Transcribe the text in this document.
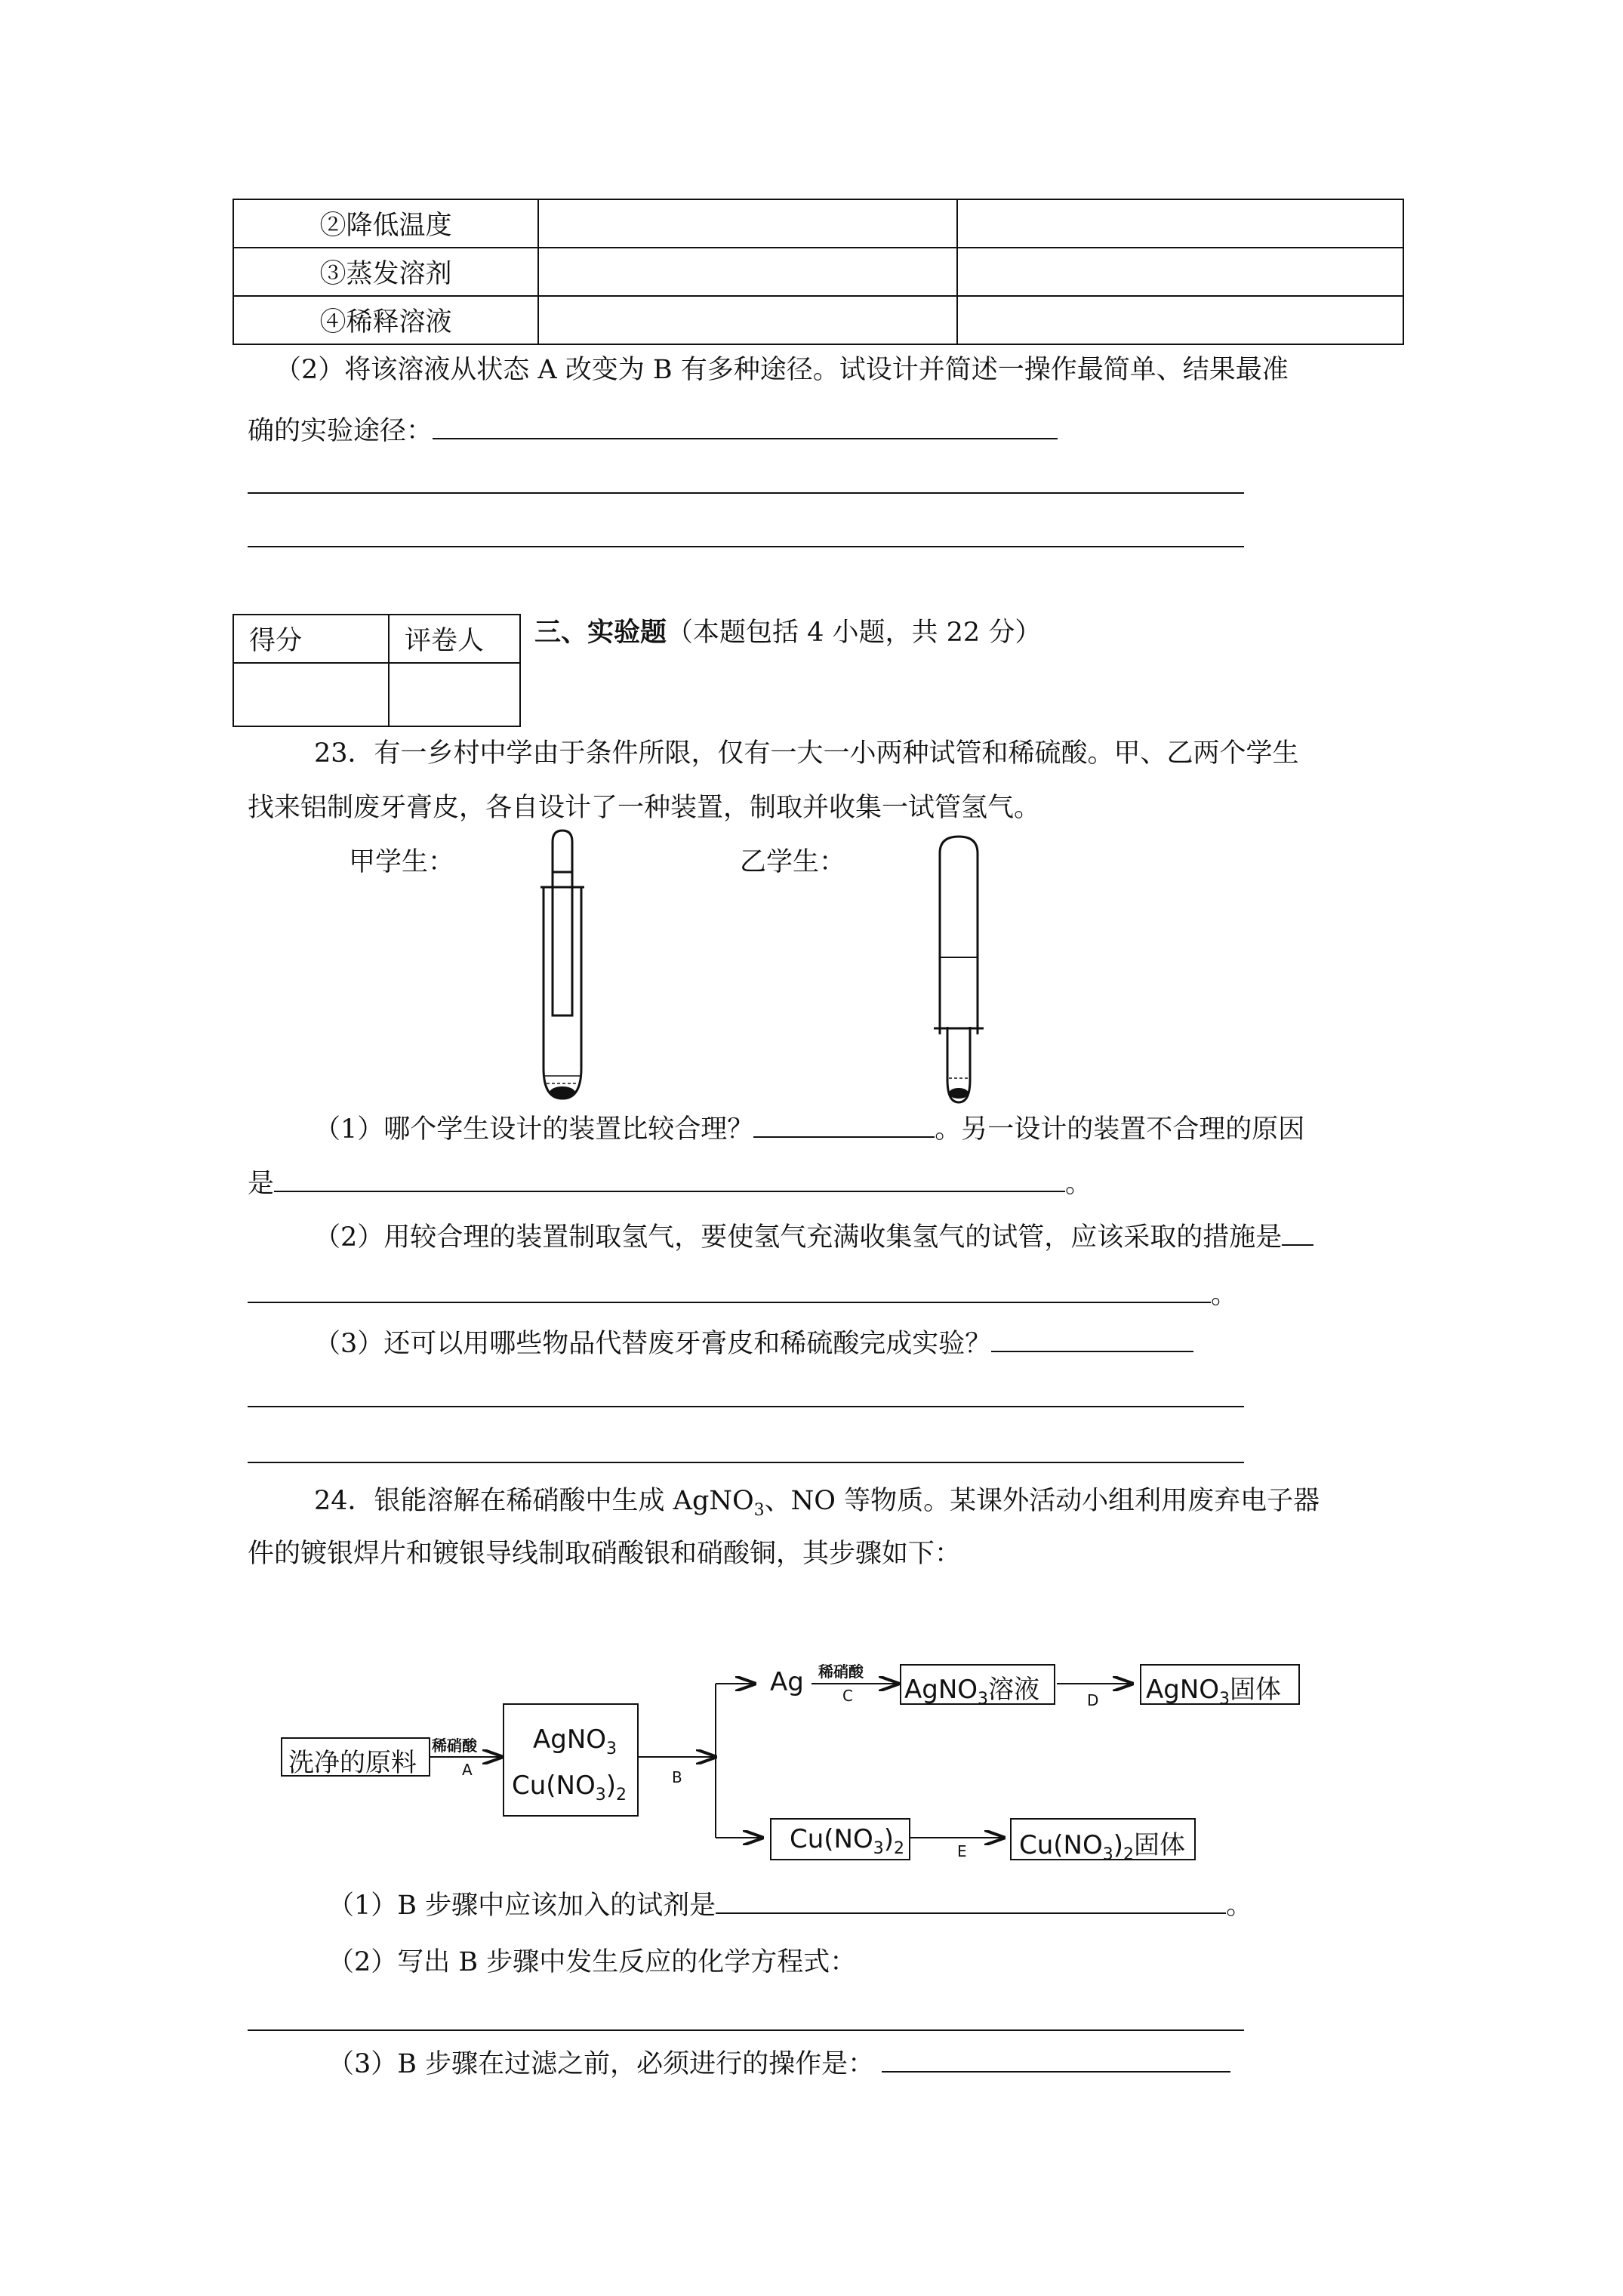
②降低温度		
③蒸发溶剂		
④稀释溶液		
（2）将该溶液从状态 A 改变为 B 有多种途径。试设计并简述一操作最简单、结果最准
确的实验途径：
得分	评卷人
	三、实验题（本题包括 4 小题，共 22 分）
23．有一乡村中学由于条件所限，仅有一大一小两种试管和稀硫酸。甲、乙两个学生
找来铝制废牙膏皮，各自设计了一种装置，制取并收集一试管氢气。
甲学生：	乙学生：
（1）哪个学生设计的装置比较合理？	。另一设计的装置不合理的原因
是	。
（2）用较合理的装置制取氢气，要使氢气充满收集氢气的试管，应该采取的措施是
。
（3）还可以用哪些物品代替废牙膏皮和稀硫酸完成实验？
24．银能溶解在稀硝酸中生成 AgNO$_3$、NO 等物质。某课外活动小组利用废弃电子器
件的镀银焊片和镀银导线制取硝酸银和硝酸铜，其步骤如下：
洗净的原料
稀硝酸
A
AgNO$_3$
$Cu(NO_3)_2$
B
Ag 稀硝酸
C AgNO$_3$溶液	D AgNO$_3$固体
$Cu(NO_3)_2$	E	$Cu(NO_3)_2$固体
（1）B 步骤中应该加入的试剂是	。
（2）写出 B 步骤中发生反应的化学方程式：
（3）B 步骤在过滤之前，必须进行的操作是：
